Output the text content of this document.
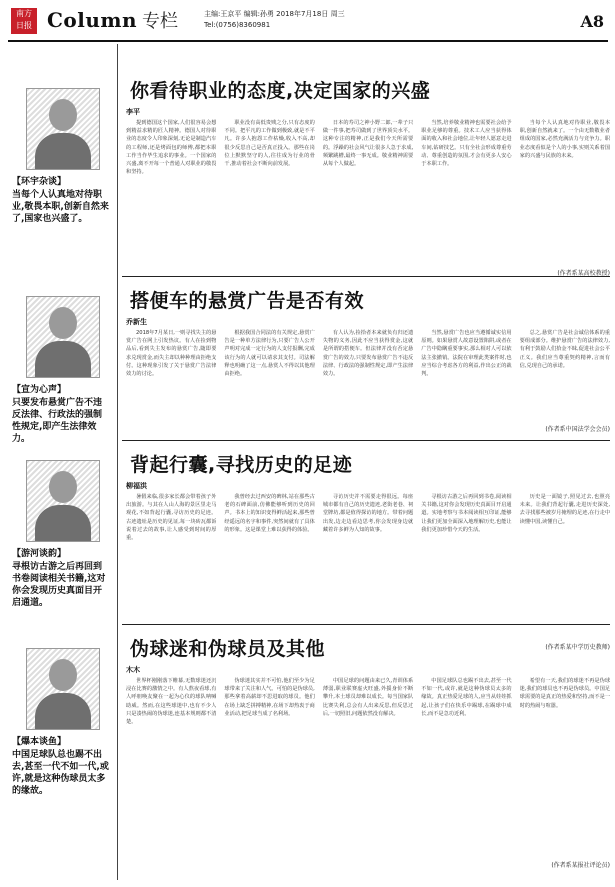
南方
日报 Column 专栏	主编:王京平 编辑:孙勇 2018年7月18日 周三
Tel:(0756)8360981	A8
【环宇杂谈】
当每个人认真地对待职业,敬畏本职,创新自然来了,国家也兴盛了。
【宣为心声】
只要发布悬赏广告不违反法律、行政法的强制性规定,即产生法律效力。
【游河谈韵】
寻根访古游之后再回到书卷阅读相关书籍,这对你会发现历史真面目开启通道。
【爆本谈鱼】
中国足球队总也踢不出去,甚至一代不如一代,或许,就是这种伪球员太多的缘故。
你看待职业的态度,决定国家的兴盛
李平

提到德国这个国家,人们很容易会想到精益求精的匠人精神。德国人对待职业的态度令人印象深刻,无论是制造汽车的工程师,还是烤面包的师傅,都把本职工作当作毕生追求的事业。一个国家的兴盛,离不开每一个普通人对职业的敬畏和坚持。

职业没有高低贵贱之分,只有态度的不同。把平凡的工作做到极致,就是不平凡。许多人抱怨工作枯燥,收入不高,却很少反思自己是否真正投入。那些在岗位上默默坚守的人,往往成为行业的骨干,推动着社会不断向前发展。

日本的寿司之神小野二郎,一辈子只做一件事,把寿司做到了世界顶尖水平。这种专注的精神,正是我们今天所需要的。浮躁的社会风气让很多人急于求成,频繁跳槽,最终一事无成。敬业精神需要从每个人做起。

当然,培养敬业精神也需要社会给予职业足够的尊重。技术工人应当获得体面的收入和社会地位,让年轻人愿意走进车间,钻研技艺。只有全社会形成尊重劳动、尊重创造的氛围,才会有更多人安心于本职工作。

当每个人认真地对待职业,敬畏本职,创新自然就来了。一个由无数敬业者组成的国家,必然充满活力与竞争力。职业态度看似是个人的小事,实则关系着国家的兴盛与民族的未来。

(作者系某高校教授)
搭便车的悬赏广告是否有效
乔新生

2018年7月某日,一则寻找失主的悬赏广告在网上引发热议。有人在捡到物品后,看到失主发布的悬赏广告,随即要求兑现赏金,而失主却以种种理由拒绝支付。这种现象引发了关于悬赏广告法律效力的讨论。

根据我国合同法的有关规定,悬赏广告是一种单方法律行为,只要广告人公开声明对完成一定行为的人支付报酬,完成该行为的人就可以请求其支付。司法解释也明确了这一点,悬赏人不得以其他理由拒绝。

有人认为,捡拾者本来就负有归还遗失物的义务,因此不应当获得赏金,这就是所谓的搭便车。但法律并没有否定悬赏广告的效力,只要发布悬赏广告不违反法律、行政法的强制性规定,即产生法律效力。

当然,悬赏广告也应当遵循诚实信用原则。如果悬赏人故意设置陷阱,或者在广告中隐瞒重要事实,那么相对人可以依法主张撤销。法院在审理此类案件时,也应当综合考虑各方的利益,作出公正的裁判。

总之,悬赏广告是社会诚信体系的重要组成部分。维护悬赏广告的法律效力,有利于鼓励人们拾金不昧,促进社会公平正义。我们应当尊重契约精神,言而有信,兑现自己的承诺。

(作者系中国法学会会员)
背起行囊,寻找历史的足迹
柳福洪

暑假来临,很多家长都会带着孩子外出旅游。与其在人山人海的景区里走马观花,不如背起行囊,寻访历史的足迹。古迹遗址是历史的见证,每一块砖瓦都诉说着过去的故事,让人感受到时间的厚重。

我曾经去过西安的碑林,站在那些古老的石碑面前,仿佛能够听到历史的回声。书本上的知识变得鲜活起来,那些曾经遥远的名字和事件,突然间就有了具体的形象。这是课堂上难以获得的体验。

寻访历史并不需要走得很远。每座城市都有自己的历史遗迹,老街老巷、祠堂牌坊,都是值得探访的地方。带着问题出发,边走边看边思考,你会发现身边就藏着许多鲜为人知的故事。

寻根访古游之后再回到书卷,阅读相关书籍,这对你会发现历史真面目开启通道。实地考察与书本阅读相互印证,能够让我们更加全面深入地理解历史,也能让我们更加珍惜今天的生活。

历史是一面镜子,照见过去,也照亮未来。让我们背起行囊,走进历史深处,去寻找那些被岁月掩埋的足迹,在行走中读懂中国,读懂自己。

(作者系某中学历史教师)
伪球迷和伪球员及其他
木木

世界杯刚刚落下帷幕,无数球迷还沉浸在比赛的激情之中。有人熬夜看球,有人呼朋唤友聚在一起为心仪的球队呐喊助威。然而,在这些球迷中,也有不少人只是凑热闹的伪球迷,连基本规则都不清楚。

伪球迷其实并不可怕,他们至少为足球带来了关注和人气。可怕的是伪球员,那些拿着高薪却不思进取的球员。他们在场上缺乏拼搏精神,在场下却热衷于商业活动,把足球当成了名利场。

中国足球的问题由来已久,青训体系薄弱,职业联赛虚火旺盛,外援身价不断攀升,本土球员却难以成长。每当国家队比赛失利,总会有人出来反思,但反思过后,一切照旧,问题依然没有解决。

中国足球队总也踢不出去,甚至一代不如一代,或许,就是这种伪球员太多的缘故。真正热爱足球的人,应当从娃娃抓起,让孩子们在快乐中踢球,在踢球中成长,而不是急功近利。

希望有一天,我们的球迷不再是伪球迷,我们的球员也不再是伪球员。中国足球需要的是真正的热爱和坚持,而不是一时的热闹与喧嚣。

(作者系某报社评论员)
